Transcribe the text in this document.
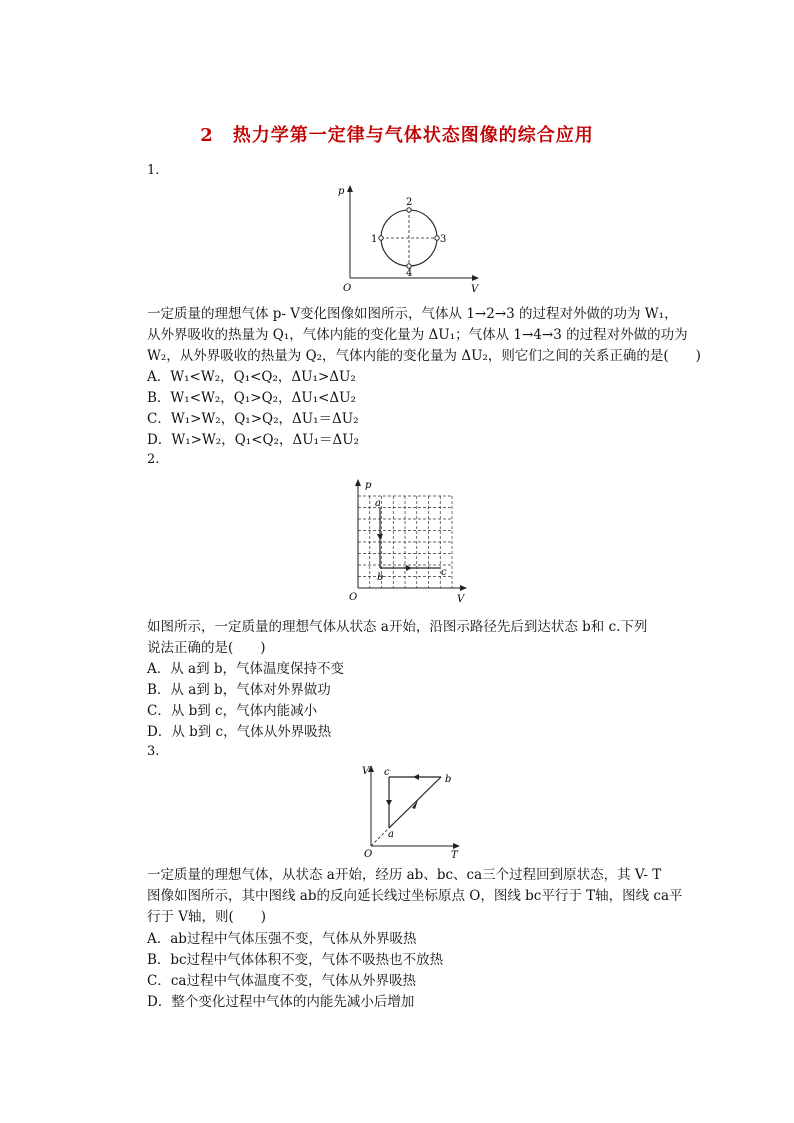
2　热力学第一定律与气体状态图像的综合应用
1.
p
V
O
1
2
3
4
一定质量的理想气体 p- V变化图像如图所示，气体从 1→2→3 的过程对外做的功为 W₁，
从外界吸收的热量为 Q₁，气体内能的变化量为 ΔU₁；气体从 1→4→3 的过程对外做的功为
W₂，从外界吸收的热量为 Q₂，气体内能的变化量为 ΔU₂，则它们之间的关系正确的是(　　)
A．W₁<W₂，Q₁<Q₂，ΔU₁>ΔU₂
B．W₁<W₂，Q₁>Q₂，ΔU₁<ΔU₂
C．W₁>W₂，Q₁>Q₂，ΔU₁＝ΔU₂
D．W₁>W₂，Q₁<Q₂，ΔU₁＝ΔU₂
2.
a
b	c
p
V
O
如图所示，一定质量的理想气体从状态 a开始，沿图示路径先后到达状态 b和 c.下列
说法正确的是(　　)
A．从 a到 b，气体温度保持不变
B．从 a到 b，气体对外界做功
C．从 b到 c，气体内能减小
D．从 b到 c，气体从外界吸热
3.
a
b
c
V
T
O
一定质量的理想气体，从状态 a开始，经历 ab、bc、ca三个过程回到原状态，其 V- T
图像如图所示，其中图线 ab的反向延长线过坐标原点 O，图线 bc平行于 T轴，图线 ca平
行于 V轴，则(　　)
A．ab过程中气体压强不变，气体从外界吸热
B．bc过程中气体体积不变，气体不吸热也不放热
C．ca过程中气体温度不变，气体从外界吸热
D．整个变化过程中气体的内能先减小后增加
